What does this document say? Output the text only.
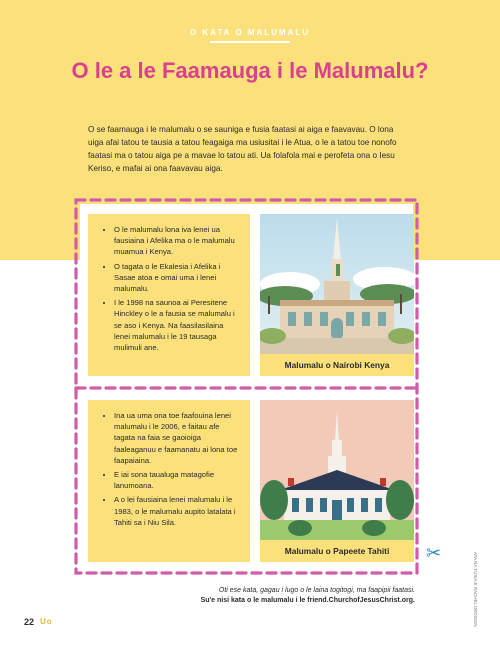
O KATA O MALUMALU
O le a le Faamauga i le Malumalu?
O se faamauga i le malumalu o se sauniga e fusia faatasi ai aiga e faavavau. O lona uiga afai tatou te tausia a tatou feagaiga ma usiusitai i le Atua, o le a tatou toe nonofo faatasi ma o tatou aiga pe a mavae lo tatou ati. Ua folafola mai e perofeta ona o Iesu Keriso, e mafai ai ona faavavau aiga.
• O le malumalu lona iva lenei ua fausiaina i Afelika ma o le malumalu muamua i Kenya.
• O tagata o le Ekalesia i Afelika i Sasae atoa e omai uma i lenei malumalu.
• I le 1998 na saunoa ai Peresitene Hinckley o le a fausia se malumalu i se aso i Kenya. Na faasilasilaina lenei malumalu i le 19 tausaga mulimuli ane.
Malumalu o Nairobi Kenya
• Ina ua uma ona toe faafouina lenei malumalu i le 2006, e faitau afe tagata na faia se gaoioiga faaleaganuu e faamanatu ai lona toe faapaiaina.
• E iai sona taualuga matagofie lanumoana.
• A o lei fausiaina lenei malumalu i le 1983, o le malumalu aupito latalata i Tahiti sa i Niu Sila.
Malumalu o Papeete Tahiti	✂
Oti ese kata, gagau i lugo o le laina togitogi, ma faapipii faatasi.
Su'e nisi kata o le malumalu i le friend.ChurchofJesusChrist.org.
22 Uo	ATA NA TUSIA E RACHEL DEDISON
